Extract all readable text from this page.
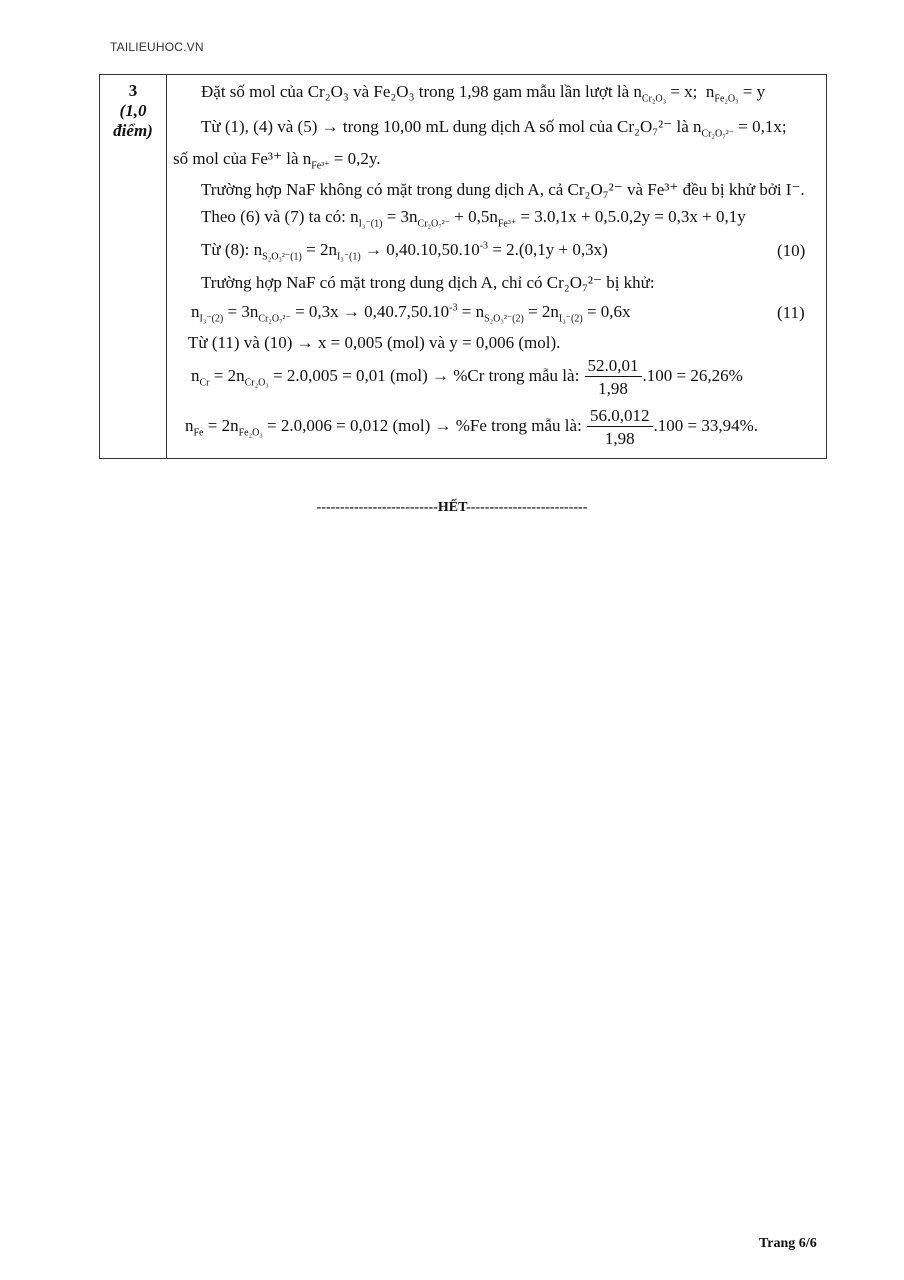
TAILIEUHOC.VN
3
(1,0
điểm)
Đặt số mol của Cr₂O₃ và Fe₂O₃ trong 1,98 gam mẫu lần lượt là $n_{Cr_2O_3} = x$;  $n_{Fe_2O_3} = y$
Từ (1), (4) và (5) → trong 10,00 mL dung dịch A số mol của Cr₂O₇²⁻ là $n_{Cr_2O_7^{2-}} = 0,1x$;
số mol của Fe³⁺ là $n_{Fe^{3+}} = 0,2y$.
Trường hợp NaF không có mặt trong dung dịch A, cả Cr₂O₇²⁻ và Fe³⁺ đều bị khử bởi I⁻.
Theo (6) và (7) ta có: $n_{I_3^-(1)} = 3n_{Cr_2O_7^{2-}} + 0,5n_{Fe^{3+}} = 3.0,1x + 0,5.0,2y = 0,3x + 0,1y$
Từ (8): $n_{S_2O_3^{2-}(1)} = 2n_{I_3^-(1)} \to 0,40.10,50.10^{-3} = 2.(0,1y + 0,3x)$	(10)
Trường hợp NaF có mặt trong dung dịch A, chỉ có Cr₂O₇²⁻ bị khử:
$n_{I_3^-(2)} = 3n_{Cr_2O_7^{2-}} = 0,3x \to 0,40.7,50.10^{-3} = n_{S_2O_3^{2-}(2)} = 2n_{I_3^-(2)} = 0,6x$	(11)
Từ (11) và (10) → x = 0,005 (mol) và y = 0,006 (mol).
$n_{Cr} = 2n_{Cr_2O_3} = 2.0,005 = 0,01$ (mol) → %Cr trong mẫu là: $\frac{52.0,01}{1,98} .100 = 26,26\%$
$n_{Fe} = 2n_{Fe_2O_3} = 2.0,006 = 0,012$ (mol) → %Fe trong mẫu là: $\frac{56.0,012}{1,98} .100 = 33,94\%$.
--------------------------HẾT--------------------------
Trang 6/6
